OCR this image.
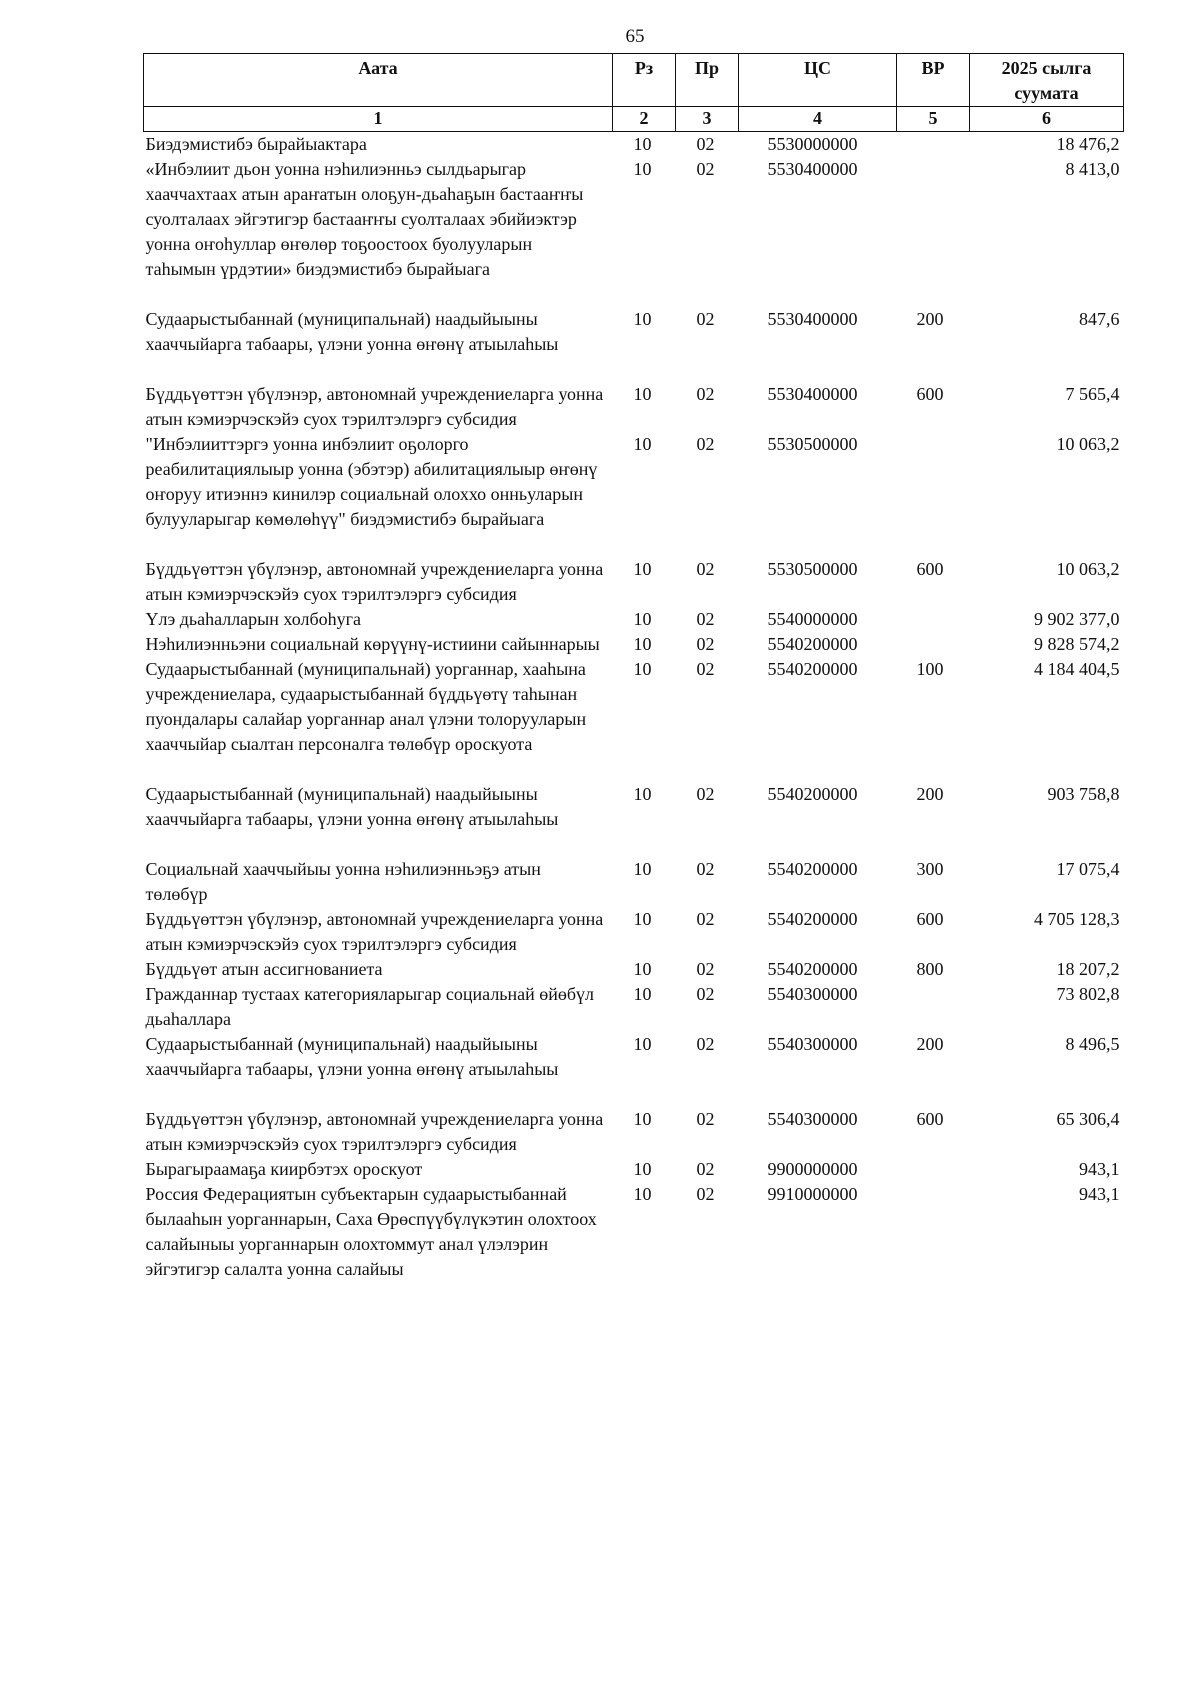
65
Аата	Рз	Пр	ЦС	ВР	2025 сылга суумата
1	2	3	4	5	6
Биэдэмистибэ бырайыактара	10	02	5530000000		18 476,2
«Инбэлиит дьон уонна нэһилиэнньэ сылдьарыгар хааччахтаах атын араҥатын олоҕун-дьаһаҕын бастааҥҥы суолталаах эйгэтигэр бастааҥҥы суолталаах эбийиэктэр уонна оҥоһуллар өҥөлөр тоҕоостоох буолууларын таһымын үрдэтии» биэдэмистибэ бырайыага	10	02	5530400000		8 413,0
Судаарыстыбаннай (муниципальнай) наадыйыыны хааччыйарга табаары, үлэни уонна өҥөнү атыылаһыы	10	02	5530400000	200	847,6
Бүддьүөттэн үбүлэнэр, автономнай учреждениеларга уонна атын кэмиэрчэскэйэ суох тэрилтэлэргэ субсидия	10	02	5530400000	600	7 565,4
"Инбэлииттэргэ уонна инбэлиит оҕолорго реабилитациялыыр уонна (эбэтэр) абилитациялыыр өҥөнү оҥоруу итиэннэ кинилэр социальнай олоххо онньуларын булууларыгар көмөлөһүү" биэдэмистибэ бырайыага	10	02	5530500000		10 063,2
Бүддьүөттэн үбүлэнэр, автономнай учреждениеларга уонна атын кэмиэрчэскэйэ суох тэрилтэлэргэ субсидия	10	02	5530500000	600	10 063,2
Үлэ дьаһалларын холбоһуга	10	02	5540000000		9 902 377,0
Нэһилиэнньэни социальнай көрүүнү-истиини сайыннарыы	10	02	5540200000		9 828 574,2
Судаарыстыбаннай (муниципальнай) уорганнар, хааһына учреждениелара, судаарыстыбаннай бүддьүөтү таһынан пуондалары салайар уорганнар анал үлэни толорууларын хааччыйар сыалтан персоналга төлөбүр ороскуота	10	02	5540200000	100	4 184 404,5
Судаарыстыбаннай (муниципальнай) наадыйыыны хааччыйарга табаары, үлэни уонна өҥөнү атыылаһыы	10	02	5540200000	200	903 758,8
Социальнай хааччыйыы уонна нэһилиэнньэҕэ атын төлөбүр	10	02	5540200000	300	17 075,4
Бүддьүөттэн үбүлэнэр, автономнай учреждениеларга уонна атын кэмиэрчэскэйэ суох тэрилтэлэргэ субсидия	10	02	5540200000	600	4 705 128,3
Бүддьүөт атын ассигнованиета	10	02	5540200000	800	18 207,2
Гражданнар тустаах категорияларыгар социальнай өйөбүл дьаһаллара	10	02	5540300000		73 802,8
Судаарыстыбаннай (муниципальнай) наадыйыыны хааччыйарга табаары, үлэни уонна өҥөнү атыылаһыы	10	02	5540300000	200	8 496,5
Бүддьүөттэн үбүлэнэр, автономнай учреждениеларга уонна атын кэмиэрчэскэйэ суох тэрилтэлэргэ субсидия	10	02	5540300000	600	65 306,4
Бырагыраамаҕа киирбэтэх ороскуот	10	02	9900000000		943,1
Россия Федерациятын субъектарын судаарыстыбаннай былааһын уорганнарын, Саха Өрөспүүбүлүкэтин олохтоох салайыныы уорганнарын олохтоммут анал үлэлэрин эйгэтигэр салалта уонна салайыы	10	02	9910000000		943,1
